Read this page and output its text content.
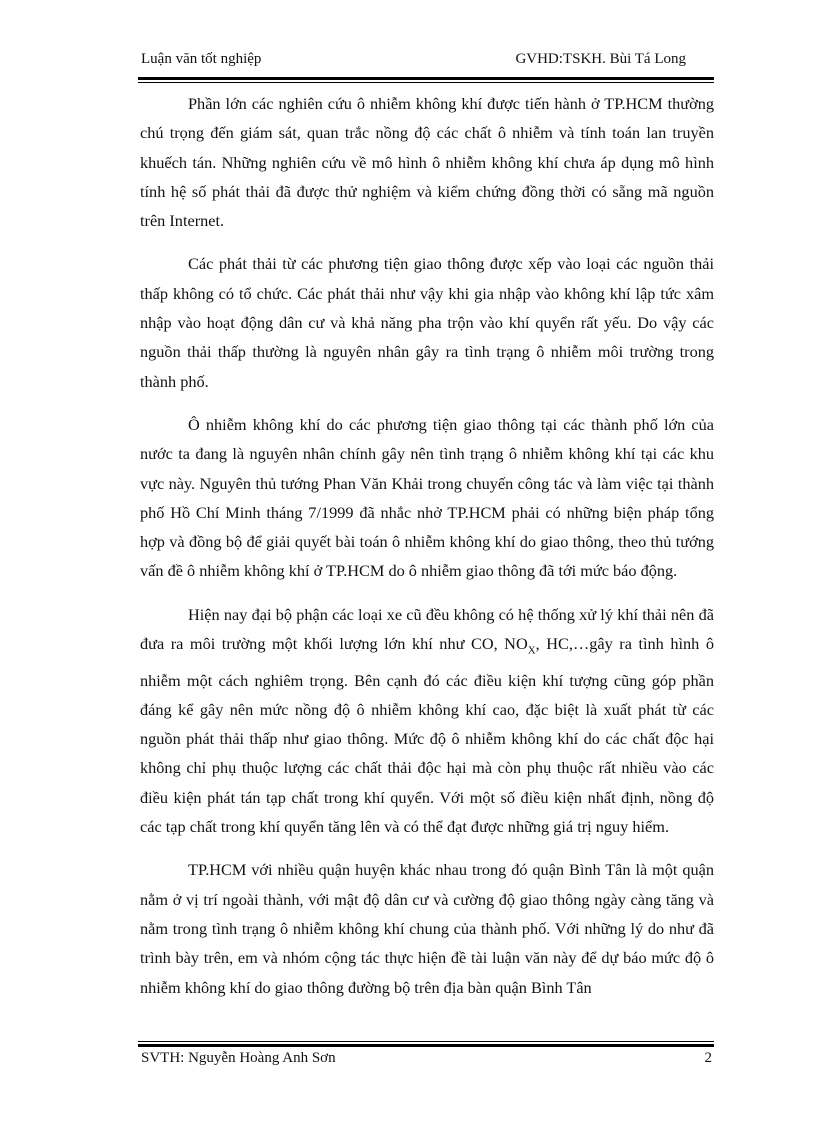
Luận văn tốt nghiệp	GVHD:TSKH. Bùi Tá Long

Phần lớn các nghiên cứu ô nhiễm không khí được tiến hành ở TP.HCM thường chú trọng đến giám sát, quan trắc nồng độ các chất ô nhiễm và tính toán lan truyền khuếch tán. Những nghiên cứu về mô hình ô nhiễm không khí chưa áp dụng mô hình tính hệ số phát thải đã được thử nghiệm và kiểm chứng đồng thời có sẵng mã nguồn trên Internet.

Các phát thải từ các phương tiện giao thông được xếp vào loại các nguồn thải thấp không có tổ chức. Các phát thải như vậy khi gia nhập vào không khí lập tức xâm nhập vào hoạt động dân cư và khả năng pha trộn vào khí quyển rất yếu. Do vậy các nguồn thải thấp thường là nguyên nhân gây ra tình trạng ô nhiễm môi trường trong thành phố.

Ô nhiễm không khí do các phương tiện giao thông tại các thành phố lớn của nước ta đang là nguyên nhân chính gây nên tình trạng ô nhiễm không khí tại các khu vực này. Nguyên thủ tướng Phan Văn Khải trong chuyến công tác và làm việc tại thành phố Hồ Chí Minh tháng 7/1999 đã nhắc nhở TP.HCM phải có những biện pháp tổng hợp và đồng bộ để giải quyết bài toán ô nhiễm không khí do giao thông, theo thủ tướng vấn đề ô nhiễm không khí ở TP.HCM do ô nhiễm giao thông đã tới mức báo động.

Hiện nay đại bộ phận các loại xe cũ đều không có hệ thống xử lý khí thải nên đã đưa ra môi trường một khối lượng lớn khí như CO, $NO_X$, HC,…gây ra tình hình ô nhiễm một cách nghiêm trọng. Bên cạnh đó các điều kiện khí tượng cũng góp phần đáng kể gây nên mức nồng độ ô nhiễm không khí cao, đặc biệt là xuất phát từ các nguồn phát thải thấp như giao thông. Mức độ ô nhiễm không khí do các chất độc hại không chỉ phụ thuộc lượng các chất thải độc hại mà còn phụ thuộc rất nhiều vào các điều kiện phát tán tạp chất trong khí quyển. Với một số điều kiện nhất định, nồng độ các tạp chất trong khí quyển tăng lên và có thể đạt được những giá trị nguy hiểm.

TP.HCM với nhiều quận huyện khác nhau trong đó quận Bình Tân là một quận nằm ở vị trí ngoài thành, với mật độ dân cư và cường độ giao thông ngày càng tăng và nằm trong tình trạng ô nhiễm không khí chung của thành phố. Với những lý do như đã trình bày trên, em và nhóm cộng tác thực hiện đề tài luận văn này để dự báo mức độ ô nhiễm không khí do giao thông đường bộ trên địa bàn quận Bình Tân

SVTH: Nguyễn Hoàng Anh Sơn	2
